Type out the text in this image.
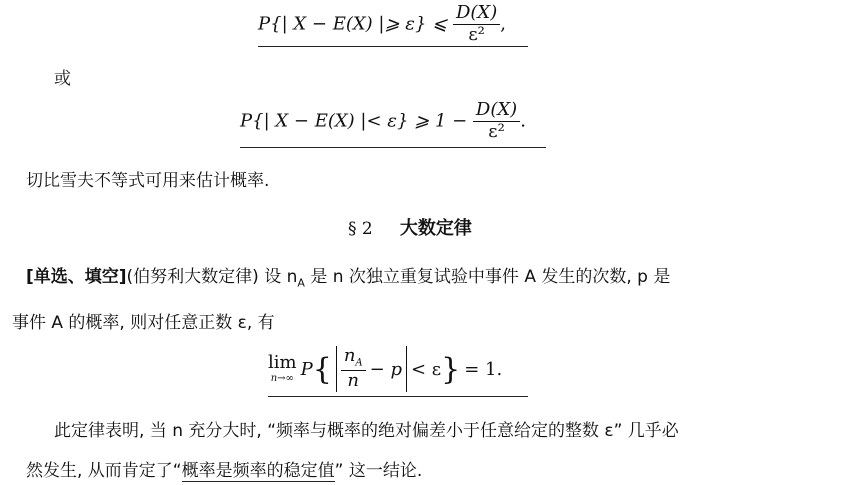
P{| X − E(X) |⩾ ε} ⩽ $\frac{D(X)}{\text{ε²}}$ ,
或
P{| X − E(X) |< ε} ⩾ $1 - \frac{D(X)}{\text{ε²}}$ .
切比雪夫不等式可用来估计概率.
§ 2 大数定律
[单选、填空](伯努利大数定律) 设 $n_A$ 是 n 次独立重复试验中事件 A 发生的次数, p 是
事件 A 的概率, 则对任意正数 ε, 有
lim
n→∞ P { $\frac{n_A}{n} - p < \varepsilon$ } = 1.
此定律表明, 当 n 充分大时, “频率与概率的绝对偏差小于任意给定的整数 ε” 几乎必
然发生, 从而肯定了“概率是频率的稳定值” 这一结论.
